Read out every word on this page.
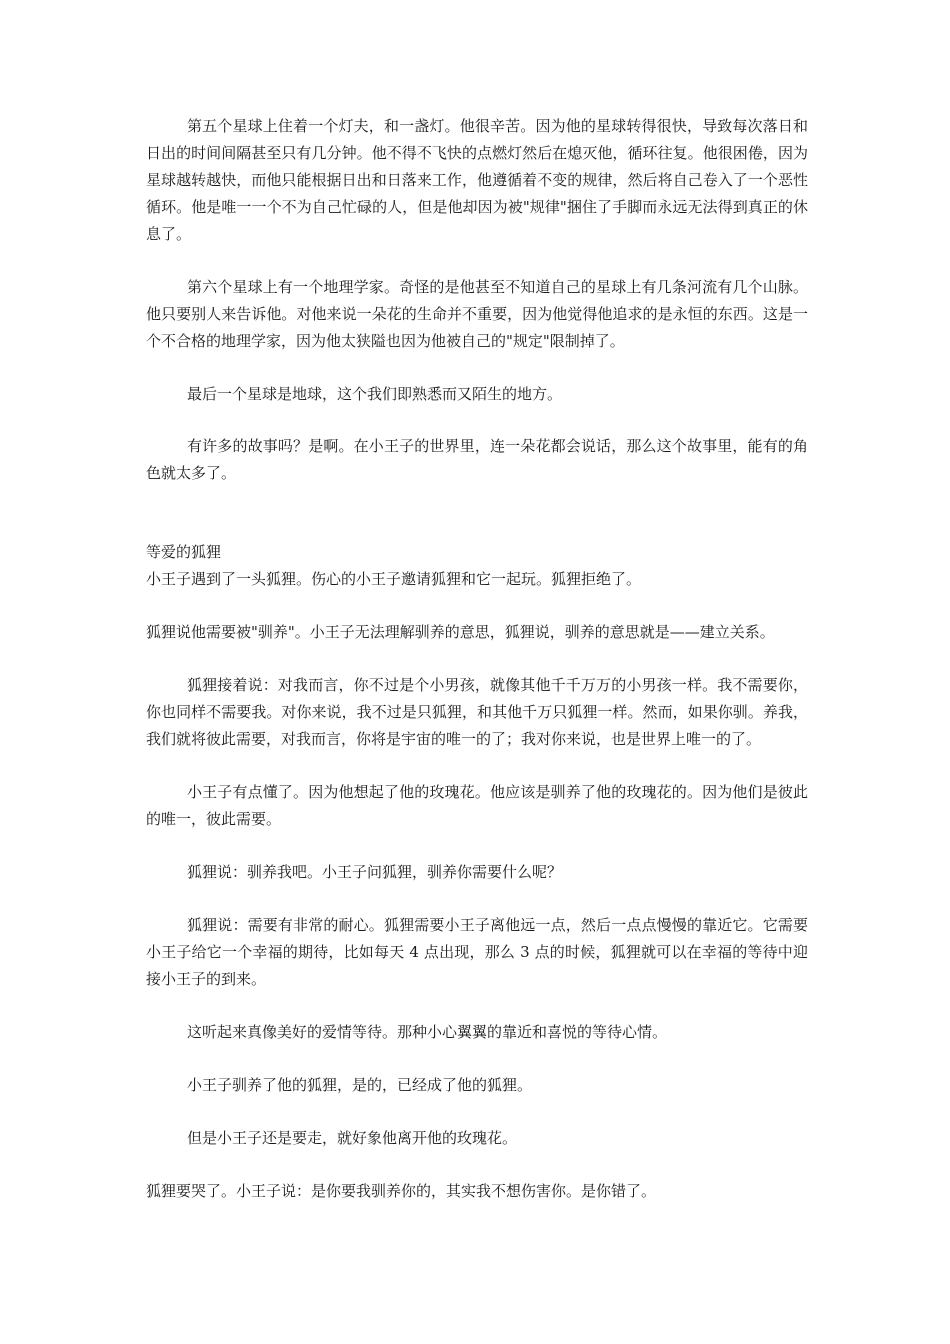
第五个星球上住着一个灯夫，和一盏灯。他很辛苦。因为他的星球转得很快，导致每次落日和日出的时间间隔甚至只有几分钟。他不得不飞快的点燃灯然后在熄灭他，循环往复。他很困倦，因为星球越转越快，而他只能根据日出和日落来工作，他遵循着不变的规律，然后将自己卷入了一个恶性循环。他是唯一一个不为自己忙碌的人，但是他却因为被"规律"捆住了手脚而永远无法得到真正的休息了。

第六个星球上有一个地理学家。奇怪的是他甚至不知道自己的星球上有几条河流有几个山脉。他只要别人来告诉他。对他来说一朵花的生命并不重要，因为他觉得他追求的是永恒的东西。这是一个不合格的地理学家，因为他太狭隘也因为他被自己的"规定"限制掉了。

最后一个星球是地球，这个我们即熟悉而又陌生的地方。

有许多的故事吗？是啊。在小王子的世界里，连一朵花都会说话，那么这个故事里，能有的角色就太多了。

等爱的狐狸

小王子遇到了一头狐狸。伤心的小王子邀请狐狸和它一起玩。狐狸拒绝了。

狐狸说他需要被"驯养"。小王子无法理解驯养的意思，狐狸说，驯养的意思就是——建立关系。

狐狸接着说：对我而言，你不过是个小男孩，就像其他千千万万的小男孩一样。我不需要你，你也同样不需要我。对你来说，我不过是只狐狸，和其他千万只狐狸一样。然而，如果你驯。养我，我们就将彼此需要，对我而言，你将是宇宙的唯一的了；我对你来说，也是世界上唯一的了。

小王子有点懂了。因为他想起了他的玫瑰花。他应该是驯养了他的玫瑰花的。因为他们是彼此的唯一，彼此需要。

狐狸说：驯养我吧。小王子问狐狸，驯养你需要什么呢？

狐狸说：需要有非常的耐心。狐狸需要小王子离他远一点，然后一点点慢慢的靠近它。它需要小王子给它一个幸福的期待，比如每天 4 点出现，那么 3 点的时候，狐狸就可以在幸福的等待中迎接小王子的到来。

这听起来真像美好的爱情等待。那种小心翼翼的靠近和喜悦的等待心情。

小王子驯养了他的狐狸，是的，已经成了他的狐狸。

但是小王子还是要走，就好象他离开他的玫瑰花。

狐狸要哭了。小王子说：是你要我驯养你的，其实我不想伤害你。是你错了。
